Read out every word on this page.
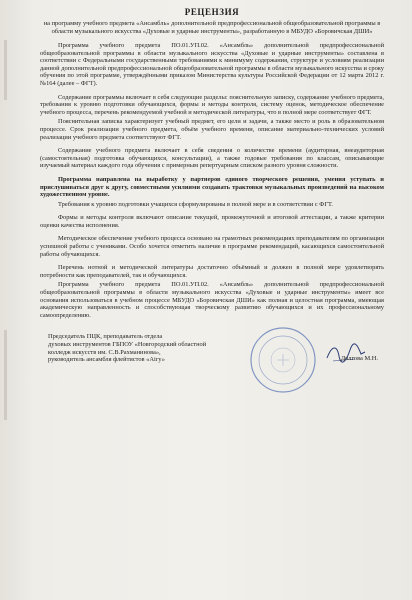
РЕЦЕНЗИЯ
на программу учебного предмета «Ансамбль» дополнительной предпрофессиональной общеобразовательной программы в области музыкального искусства «Духовые и ударные инструменты», разработанную в МБУДО «Боровичская ДШИ»

Программа учебного предмета ПО.01.УП.02. «Ансамбль» дополнительной предпрофессиональной общеобразовательной программы в области музыкального искусства «Духовые и ударные инструменты» составлена в соответствии с Федеральными государственными требованиями к минимуму содержания, структуре и условиям реализации данной дополнительной предпрофессиональной общеобразовательной программы в области музыкального искусства и сроку обучения по этой программе, утверждёнными приказом Министерства культуры Российской Федерации от 12 марта 2012 г. №164 (далее – ФГТ).

Содержание программы включает в себя следующие разделы: пояснительную записку, содержание учебного предмета, требования к уровню подготовки обучающихся, формы и методы контроля, систему оценок, методическое обеспечение учебного процесса, перечень рекомендуемой учебной и методической литературы, что в полной мере соответствует ФГТ.

Пояснительная записка характеризует учебный предмет, его цели и задачи, а также место и роль в образовательном процессе. Срок реализации учебного предмета, объём учебного времени, описание материально-технических условий реализации учебного предмета соответствуют ФГТ.

Содержание учебного предмета включает в себя сведения о количестве времени (аудиторная, внеаудиторная (самостоятельная) подготовка обучающихся, консультации), а также годовые требования по классам, описывающие изучаемый материал каждого года обучения с примерным репертуарным списком разного уровня сложности.

Программа направлена на выработку у партнеров единого творческого решения, умения уступать и прислушиваться друг к другу, совместными усилиями создавать трактовки музыкальных произведений на высоком художественном уровне.

Требования к уровню подготовки учащихся сформулированы в полной мере и в соответствии с ФГТ.

Формы и методы контроля включают описание текущей, промежуточной и итоговой аттестации, а также критерии оценки качества исполнения.

Методическое обеспечение учебного процесса основано на грамотных рекомендациях преподавателям по организации успешной работы с учениками. Особо хочется отметить наличие в программе рекомендаций, касающихся самостоятельной работы обучающихся.

Перечень нотной и методической литературы достаточно объёмный и должен в полной мере удовлетворять потребности как преподавателей, так и обучающихся.

Программа учебного предмета ПО.01.УП.02. «Ансамбль» дополнительной предпрофессиональной общеобразовательной программы в области музыкального искусства «Духовые и ударные инструменты» имеет все основания использоваться в учебном процессе МБУДО «Боровичская ДШИ» как полная и целостная программа, имеющая академическую направленность и способствующая творческому развитию обучающихся и их профессиональному самоопределению.

Председатель ПЦК, преподаватель отдела
духовых инструментов ГБПОУ «Новгородский областной
колледж искусств им. С.В.Рахманинова»,
руководитель ансамбля флейтистов «Aiгу»	Долгова М.Н.
